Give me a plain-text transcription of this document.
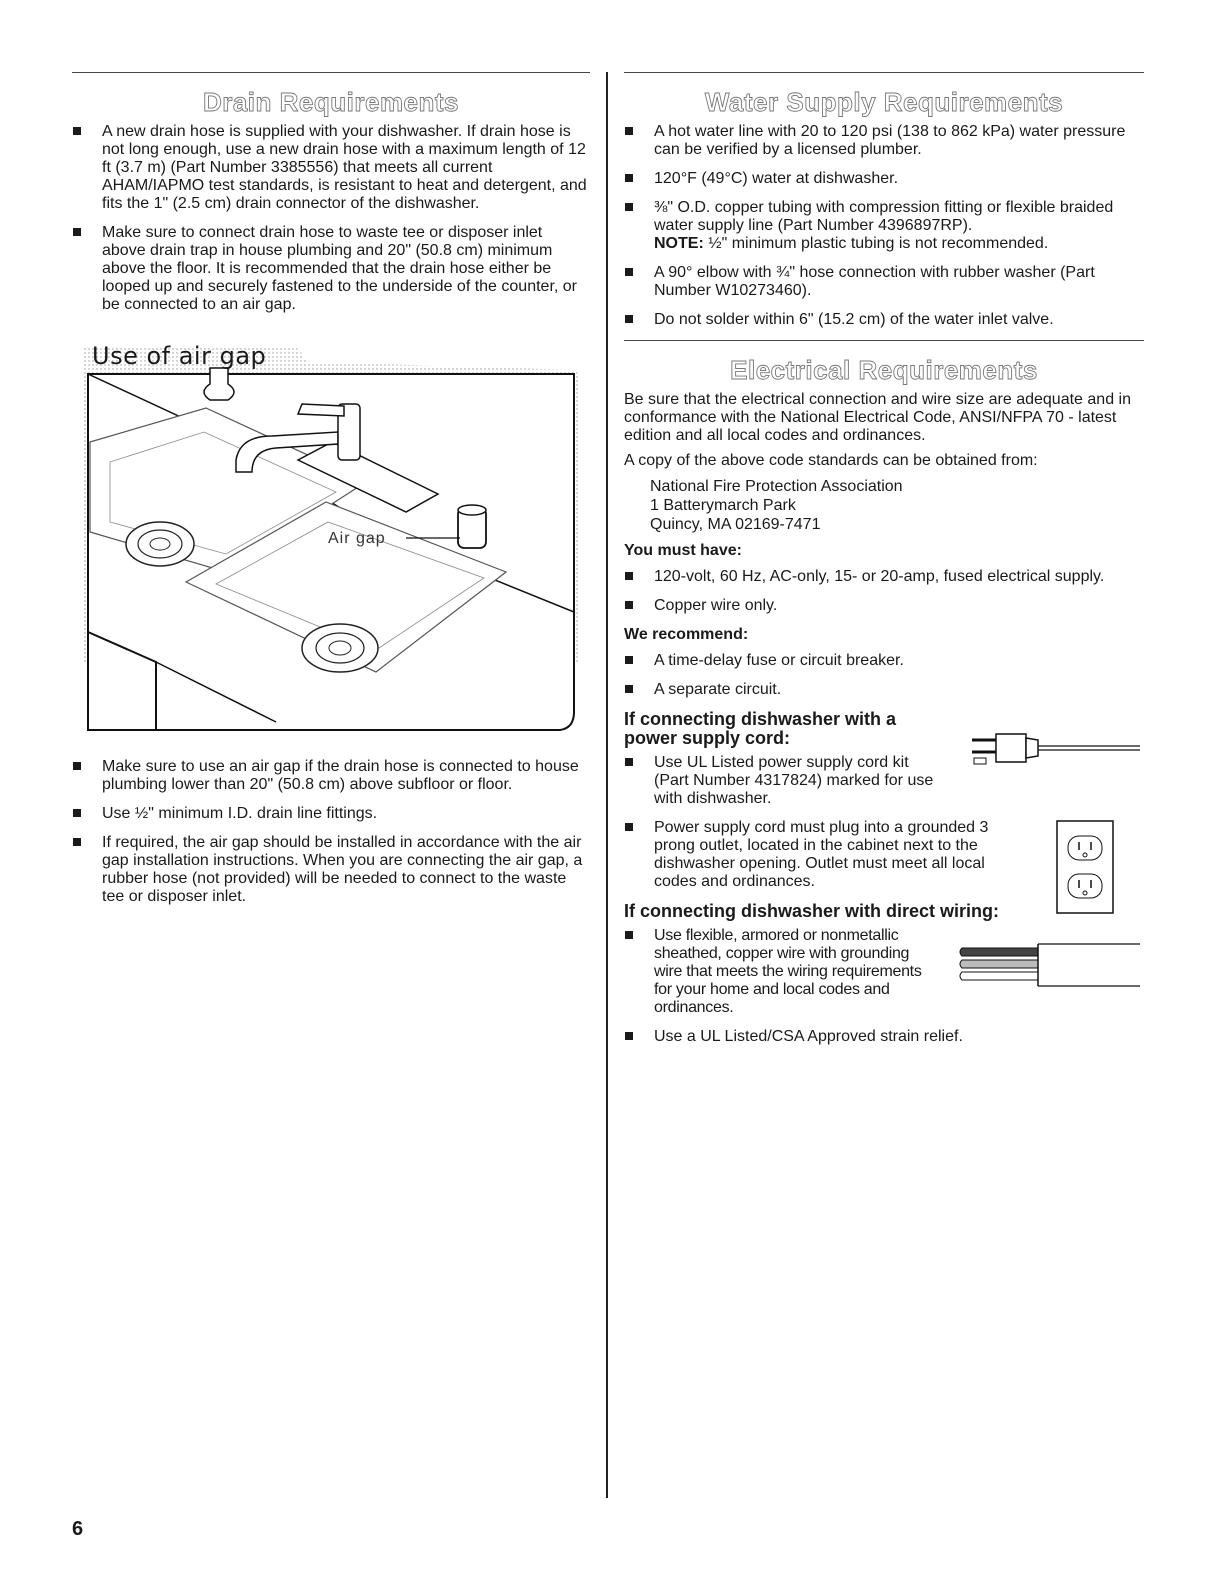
Drain Requirements
A new drain hose is supplied with your dishwasher. If drain hose is not long enough, use a new drain hose with a maximum length of 12 ft (3.7 m) (Part Number 3385556) that meets all current AHAM/IAPMO test standards, is resistant to heat and detergent, and fits the 1" (2.5 cm) drain connector of the dishwasher.
Make sure to connect drain hose to waste tee or disposer inlet above drain trap in house plumbing and 20" (50.8 cm) minimum above the floor. It is recommended that the drain hose either be looped up and securely fastened to the underside of the counter, or be connected to an air gap.
Use of air gap
Air gap
Make sure to use an air gap if the drain hose is connected to house plumbing lower than 20" (50.8 cm) above subfloor or floor.
Use ½" minimum I.D. drain line fittings.
If required, the air gap should be installed in accordance with the air gap installation instructions. When you are connecting the air gap, a rubber hose (not provided) will be needed to connect to the waste tee or disposer inlet.
Water Supply Requirements
A hot water line with 20 to 120 psi (138 to 862 kPa) water pressure can be verified by a licensed plumber.
120°F (49°C) water at dishwasher.
⅜" O.D. copper tubing with compression fitting or flexible braided water supply line (Part Number 4396897RP).
NOTE: ½" minimum plastic tubing is not recommended.
A 90° elbow with ¾" hose connection with rubber washer (Part Number W10273460).
Do not solder within 6" (15.2 cm) of the water inlet valve.
Electrical Requirements

Be sure that the electrical connection and wire size are adequate and in conformance with the National Electrical Code, ANSI/NFPA 70 - latest edition and all local codes and ordinances.

A copy of the above code standards can be obtained from:

National Fire Protection Association
1 Batterymarch Park
Quincy, MA 02169-7471
You must have:
120-volt, 60 Hz, AC-only, 15- or 20-amp, fused electrical supply.
Copper wire only.
We recommend:
A time-delay fuse or circuit breaker.
A separate circuit.
If connecting dishwasher with a power supply cord:
Use UL Listed power supply cord kit (Part Number 4317824) marked for use with dishwasher.
Power supply cord must plug into a grounded 3 prong outlet, located in the cabinet next to the dishwasher opening. Outlet must meet all local codes and ordinances.
If connecting dishwasher with direct wiring:
Use flexible, armored or nonmetallic sheathed, copper wire with grounding wire that meets the wiring requirements for your home and local codes and ordinances.
Use a UL Listed/CSA Approved strain relief.
6
